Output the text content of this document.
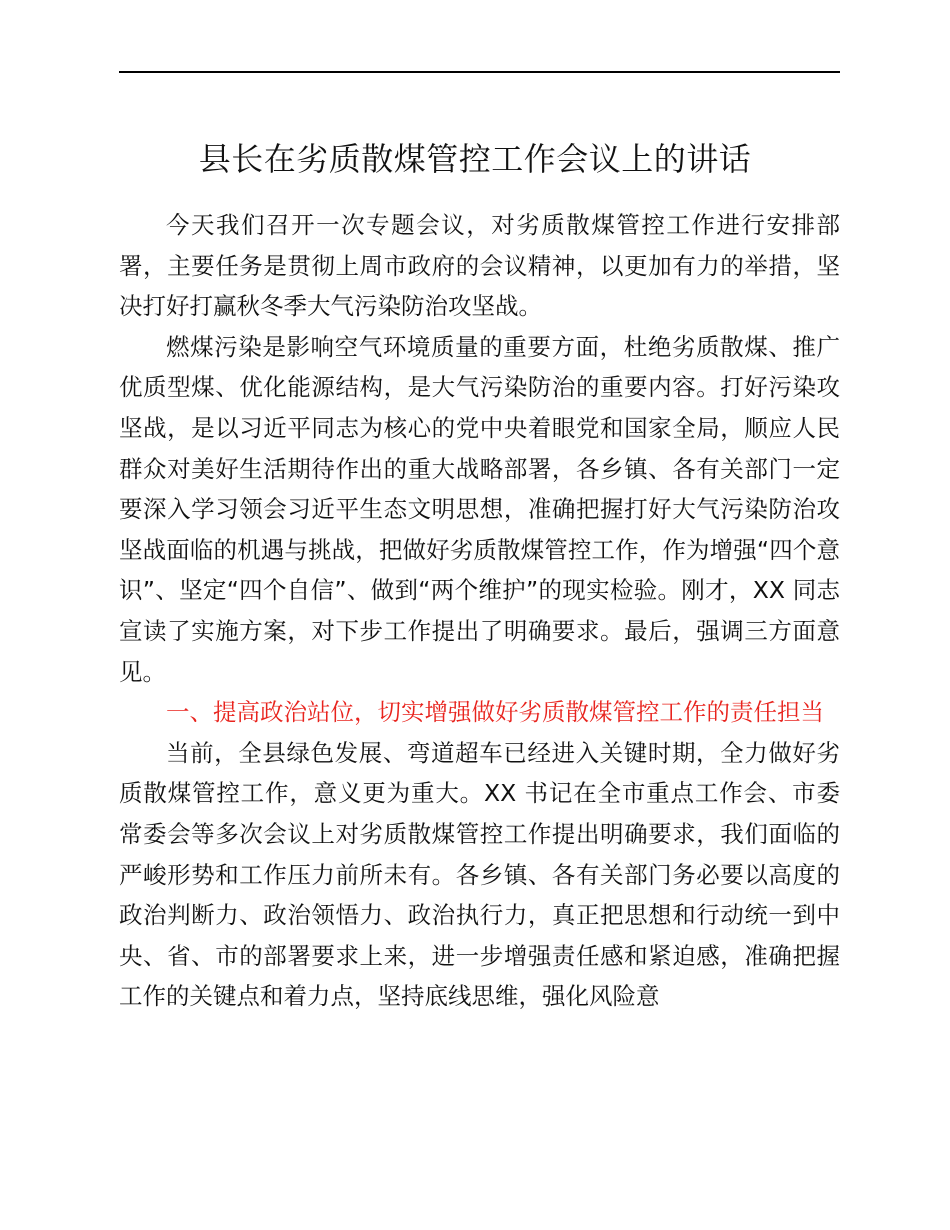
县长在劣质散煤管控工作会议上的讲话

今天我们召开一次专题会议，对劣质散煤管控工作进行安排部署，主要任务是贯彻上周市政府的会议精神，以更加有力的举措，坚决打好打赢秋冬季大气污染防治攻坚战。

燃煤污染是影响空气环境质量的重要方面，杜绝劣质散煤、推广优质型煤、优化能源结构，是大气污染防治的重要内容。打好污染攻坚战，是以习近平同志为核心的党中央着眼党和国家全局，顺应人民群众对美好生活期待作出的重大战略部署，各乡镇、各有关部门一定要深入学习领会习近平生态文明思想，准确把握打好大气污染防治攻坚战面临的机遇与挑战，把做好劣质散煤管控工作，作为增强“四个意识”、坚定“四个自信”、做到“两个维护”的现实检验。刚才，XX 同志宣读了实施方案，对下步工作提出了明确要求。最后，强调三方面意见。

一、提高政治站位，切实增强做好劣质散煤管控工作的责任担当

当前，全县绿色发展、弯道超车已经进入关键时期，全力做好劣质散煤管控工作，意义更为重大。XX 书记在全市重点工作会、市委常委会等多次会议上对劣质散煤管控工作提出明确要求，我们面临的严峻形势和工作压力前所未有。各乡镇、各有关部门务必要以高度的政治判断力、政治领悟力、政治执行力，真正把思想和行动统一到中央、省、市的部署要求上来，进一步增强责任感和紧迫感，准确把握工作的关键点和着力点，坚持底线思维，强化风险意
